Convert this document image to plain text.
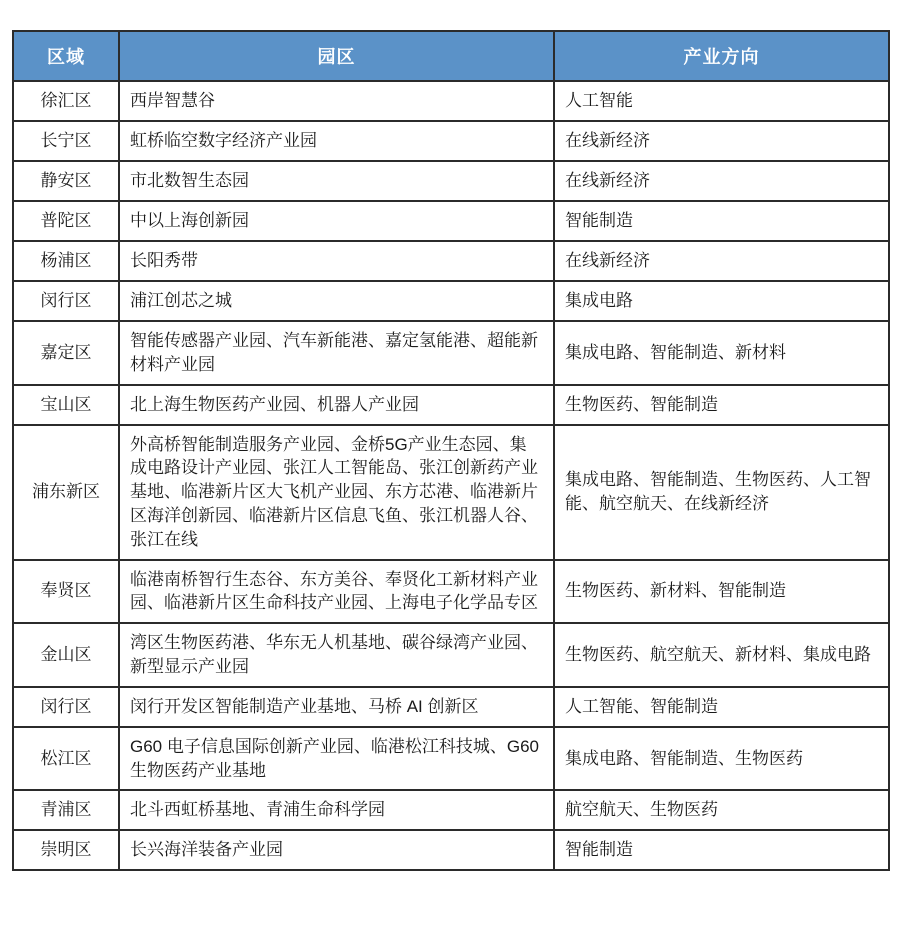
区域	园区	产业方向
徐汇区	西岸智慧谷	人工智能
长宁区	虹桥临空数字经济产业园	在线新经济
静安区	市北数智生态园	在线新经济
普陀区	中以上海创新园	智能制造
杨浦区	长阳秀带	在线新经济
闵行区	浦江创芯之城	集成电路
嘉定区	智能传感器产业园、汽车新能港、嘉定氢能港、超能新材料产业园	集成电路、智能制造、新材料
宝山区	北上海生物医药产业园、机器人产业园	生物医药、智能制造
浦东新区	外高桥智能制造服务产业园、金桥5G产业生态园、集成电路设计产业园、张江人工智能岛、张江创新药产业基地、临港新片区大飞机产业园、东方芯港、临港新片区海洋创新园、临港新片区信息飞鱼、张江机器人谷、张江在线	集成电路、智能制造、生物医药、人工智能、航空航天、在线新经济
奉贤区	临港南桥智行生态谷、东方美谷、奉贤化工新材料产业园、临港新片区生命科技产业园、上海电子化学品专区	生物医药、新材料、智能制造
金山区	湾区生物医药港、华东无人机基地、碳谷绿湾产业园、新型显示产业园	生物医药、航空航天、新材料、集成电路
闵行区	闵行开发区智能制造产业基地、马桥 AI 创新区	人工智能、智能制造
松江区	G60 电子信息国际创新产业园、临港松江科技城、G60 生物医药产业基地	集成电路、智能制造、生物医药
青浦区	北斗西虹桥基地、青浦生命科学园	航空航天、生物医药
崇明区	长兴海洋装备产业园	智能制造
